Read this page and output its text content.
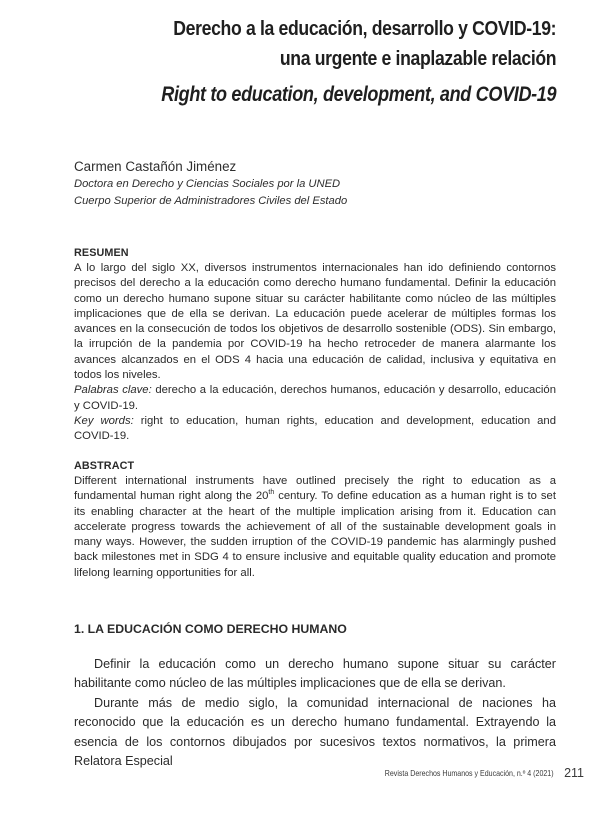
Derecho a la educación, desarrollo y COVID-19:
una urgente e inaplazable relación
Right to education, development, and COVID-19
Carmen Castañón Jiménez
Doctora en Derecho y Ciencias Sociales por la UNED
Cuerpo Superior de Administradores Civiles del Estado
RESUMEN

A lo largo del siglo XX, diversos instrumentos internacionales han ido definiendo contornos precisos del derecho a la educación como derecho humano fundamental. Definir la educación como un derecho humano supone situar su carácter habilitante como núcleo de las múltiples implicaciones que de ella se derivan. La educación puede acelerar de múltiples formas los avances en la consecución de todos los objetivos de desarrollo sostenible (ODS). Sin embargo, la irrupción de la pandemia por COVID-19 ha hecho retroceder de manera alarmante los avances alcanzados en el ODS 4 hacia una educación de calidad, inclusiva y equitativa en todos los niveles.

Palabras clave: derecho a la educación, derechos humanos, educación y desarrollo, educación y COVID-19.

Key words: right to education, human rights, education and development, education and COVID-19.

ABSTRACT

Different international instruments have outlined precisely the right to education as a fundamental human right along the 20th century. To define education as a human right is to set its enabling character at the heart of the multiple implication arising from it. Education can accelerate progress towards the achievement of all of the sustainable development goals in many ways. However, the sudden irruption of the COVID-19 pandemic has alarmingly pushed back milestones met in SDG 4 to ensure inclusive and equitable quality education and promote lifelong learning opportunities for all.

1. LA EDUCACIÓN COMO DERECHO HUMANO

Definir la educación como un derecho humano supone situar su carácter habilitante como núcleo de las múltiples implicaciones que de ella se derivan.

Durante más de medio siglo, la comunidad internacional de naciones ha reconocido que la educación es un derecho humano fundamental. Extrayendo la esencia de los contornos dibujados por sucesivos textos normativos, la primera Relatora Especial

Revista Derechos Humanos y Educación, n.º 4 (2021) 211
